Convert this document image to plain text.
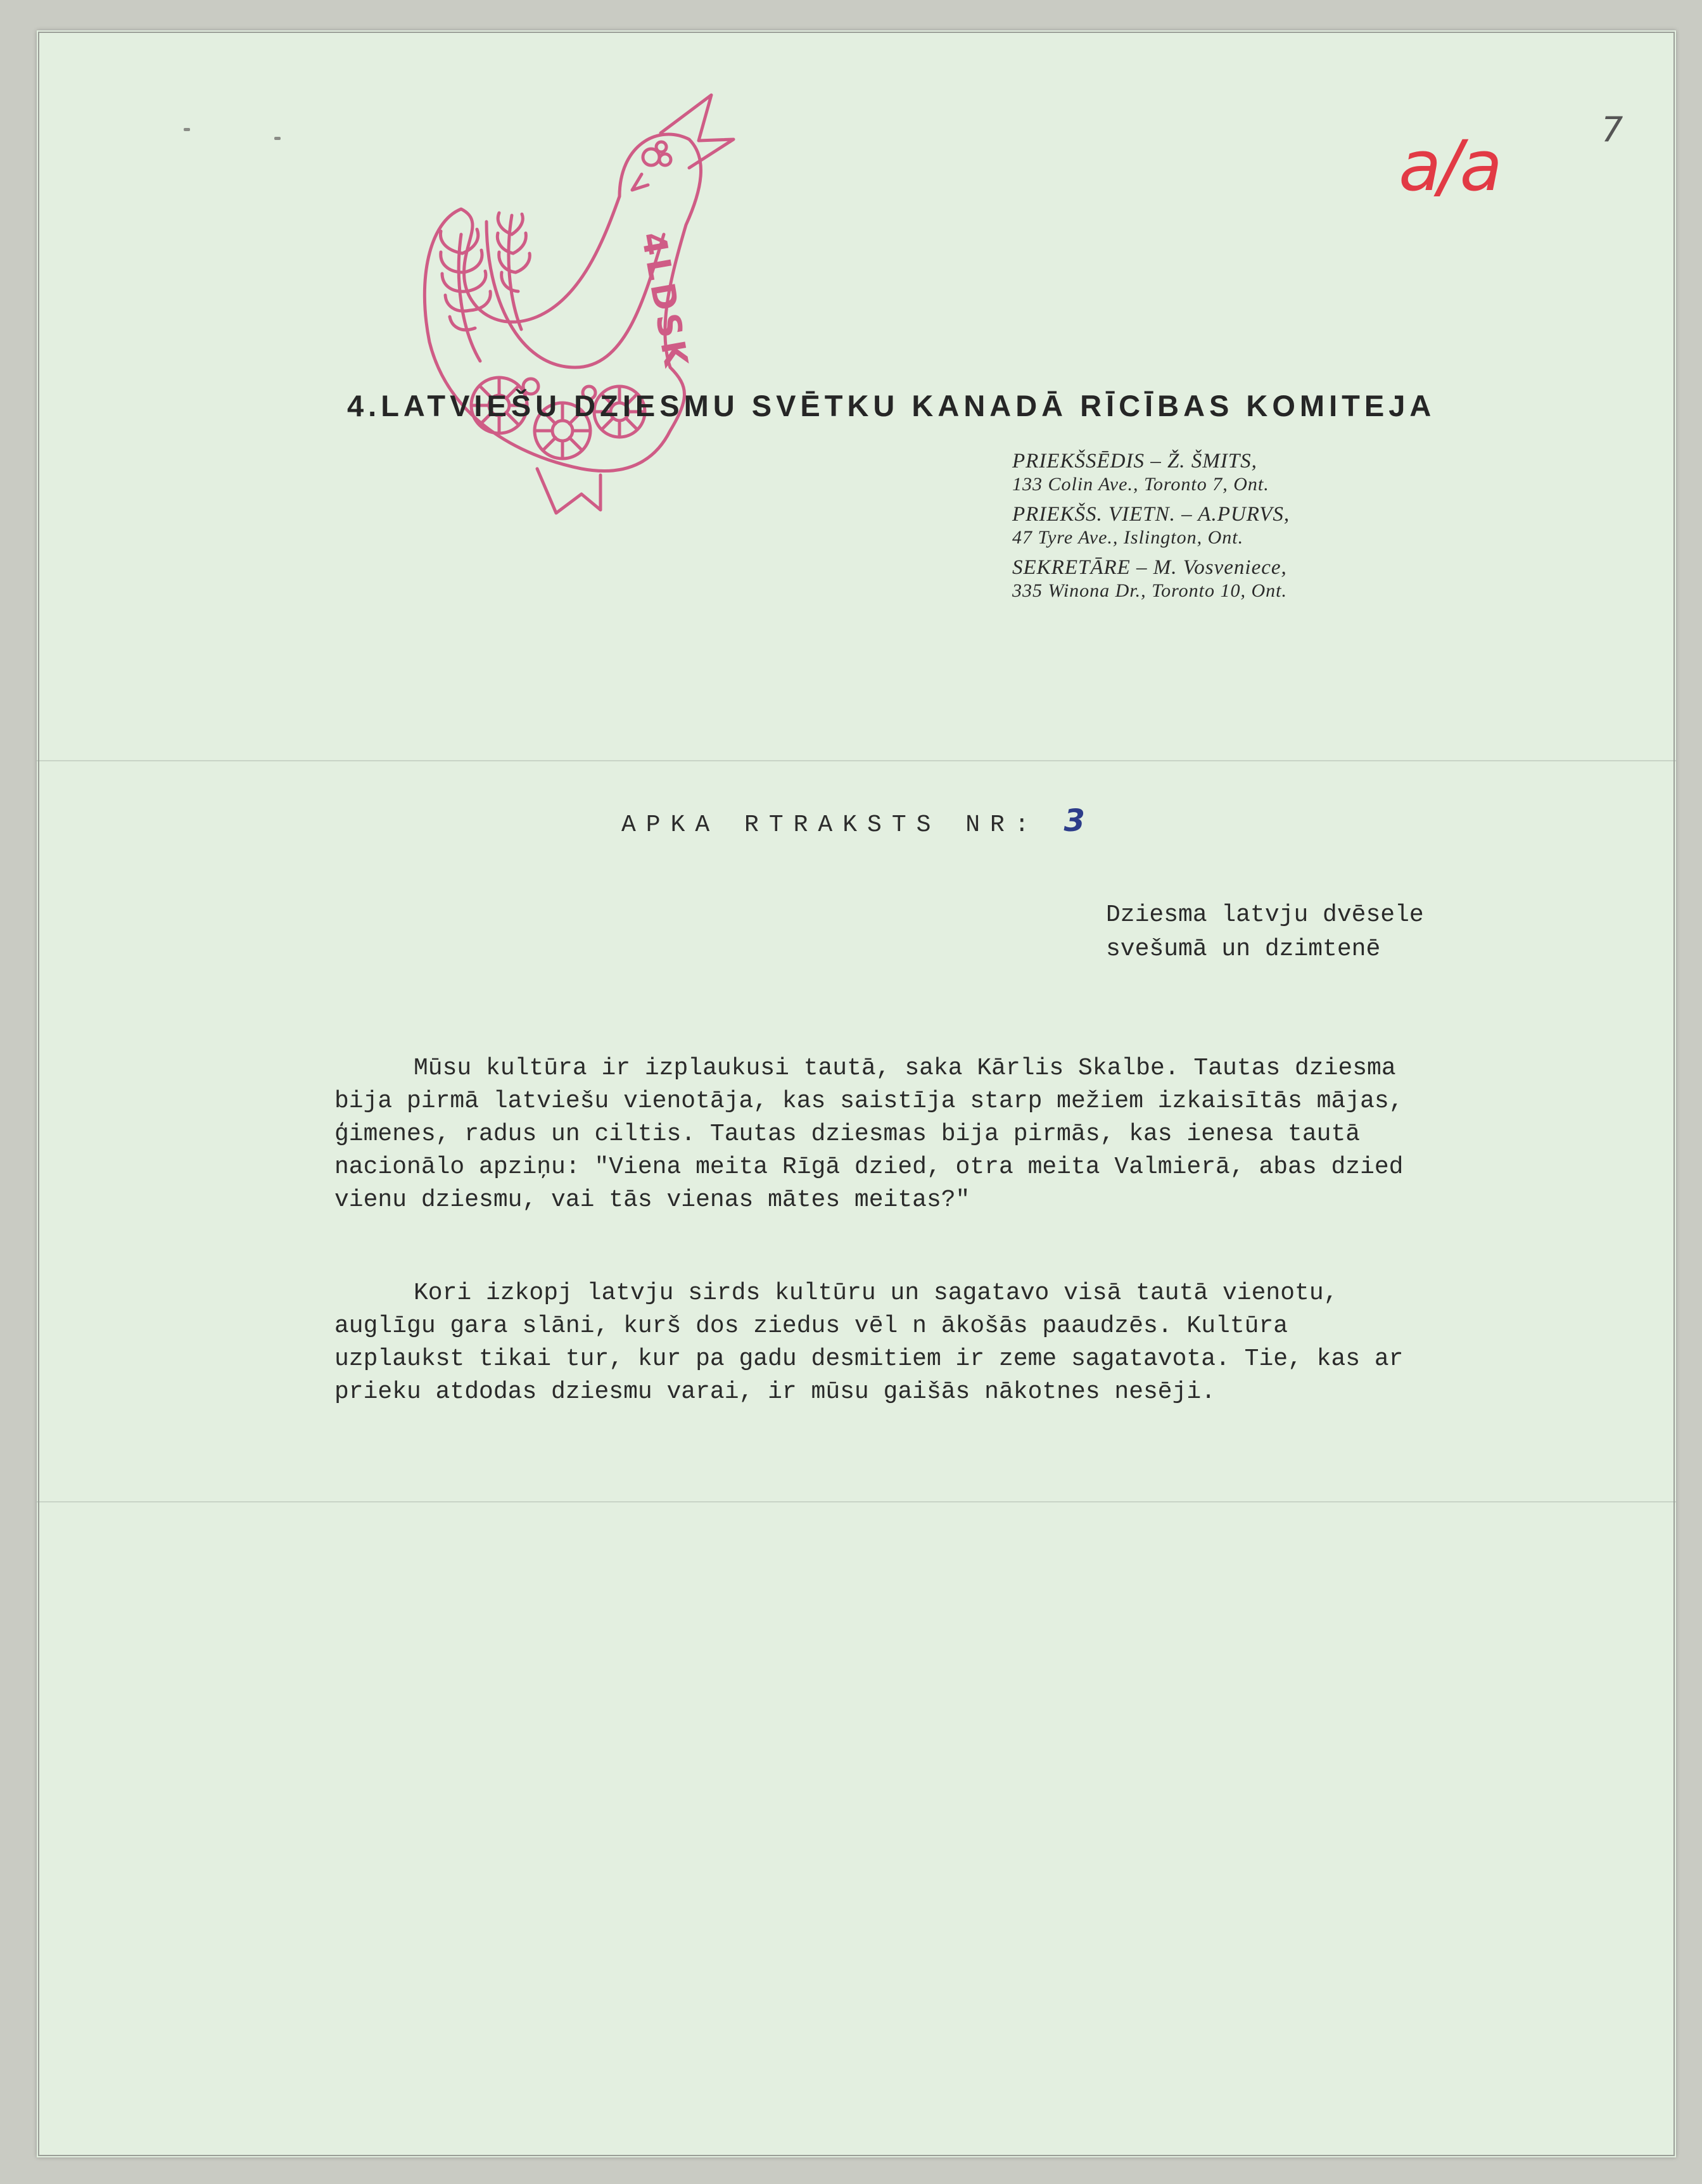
4LDSK
4.LATVIEŠU DZIESMU SVĒTKU KANADĀ RĪCĪBAS KOMITEJA
PRIEKŠSĒDIS – Ž. ŠMITS,
133 Colin Ave., Toronto 7, Ont.
PRIEKŠS. VIETN. – A.PURVS,
47 Tyre Ave., Islington, Ont.
SEKRETĀRE – M. Vosveniece,
335 Winona Dr., Toronto 10, Ont.
a/a	7
APKA RTRAKSTS NR: 3
Dziesma latvju dvēsele
svešumā un dzimtenē
Mūsu kultūra ir izplaukusi tautā, saka Kārlis Skalbe. Tautas dziesma
bija pirmā latviešu vienotāja, kas saistīja starp mežiem izkaisītās mājas,
ģimenes, radus un ciltis. Tautas dziesmas bija pirmās, kas ienesa tautā
nacionālo apziņu: "Viena meita Rīgā dzied, otra meita Valmierā, abas dzied
vienu dziesmu, vai tās vienas mātes meitas?"
Kori izkopj latvju sirds kultūru un sagatavo visā tautā vienotu,
auglīgu gara slāni, kurš dos ziedus vēl n ākošās paaudzēs. Kultūra
uzplaukst tikai tur, kur pa gadu desmitiem ir zeme sagatavota. Tie, kas ar
prieku atdodas dziesmu varai, ir mūsu gaišās nākotnes nesēji.
